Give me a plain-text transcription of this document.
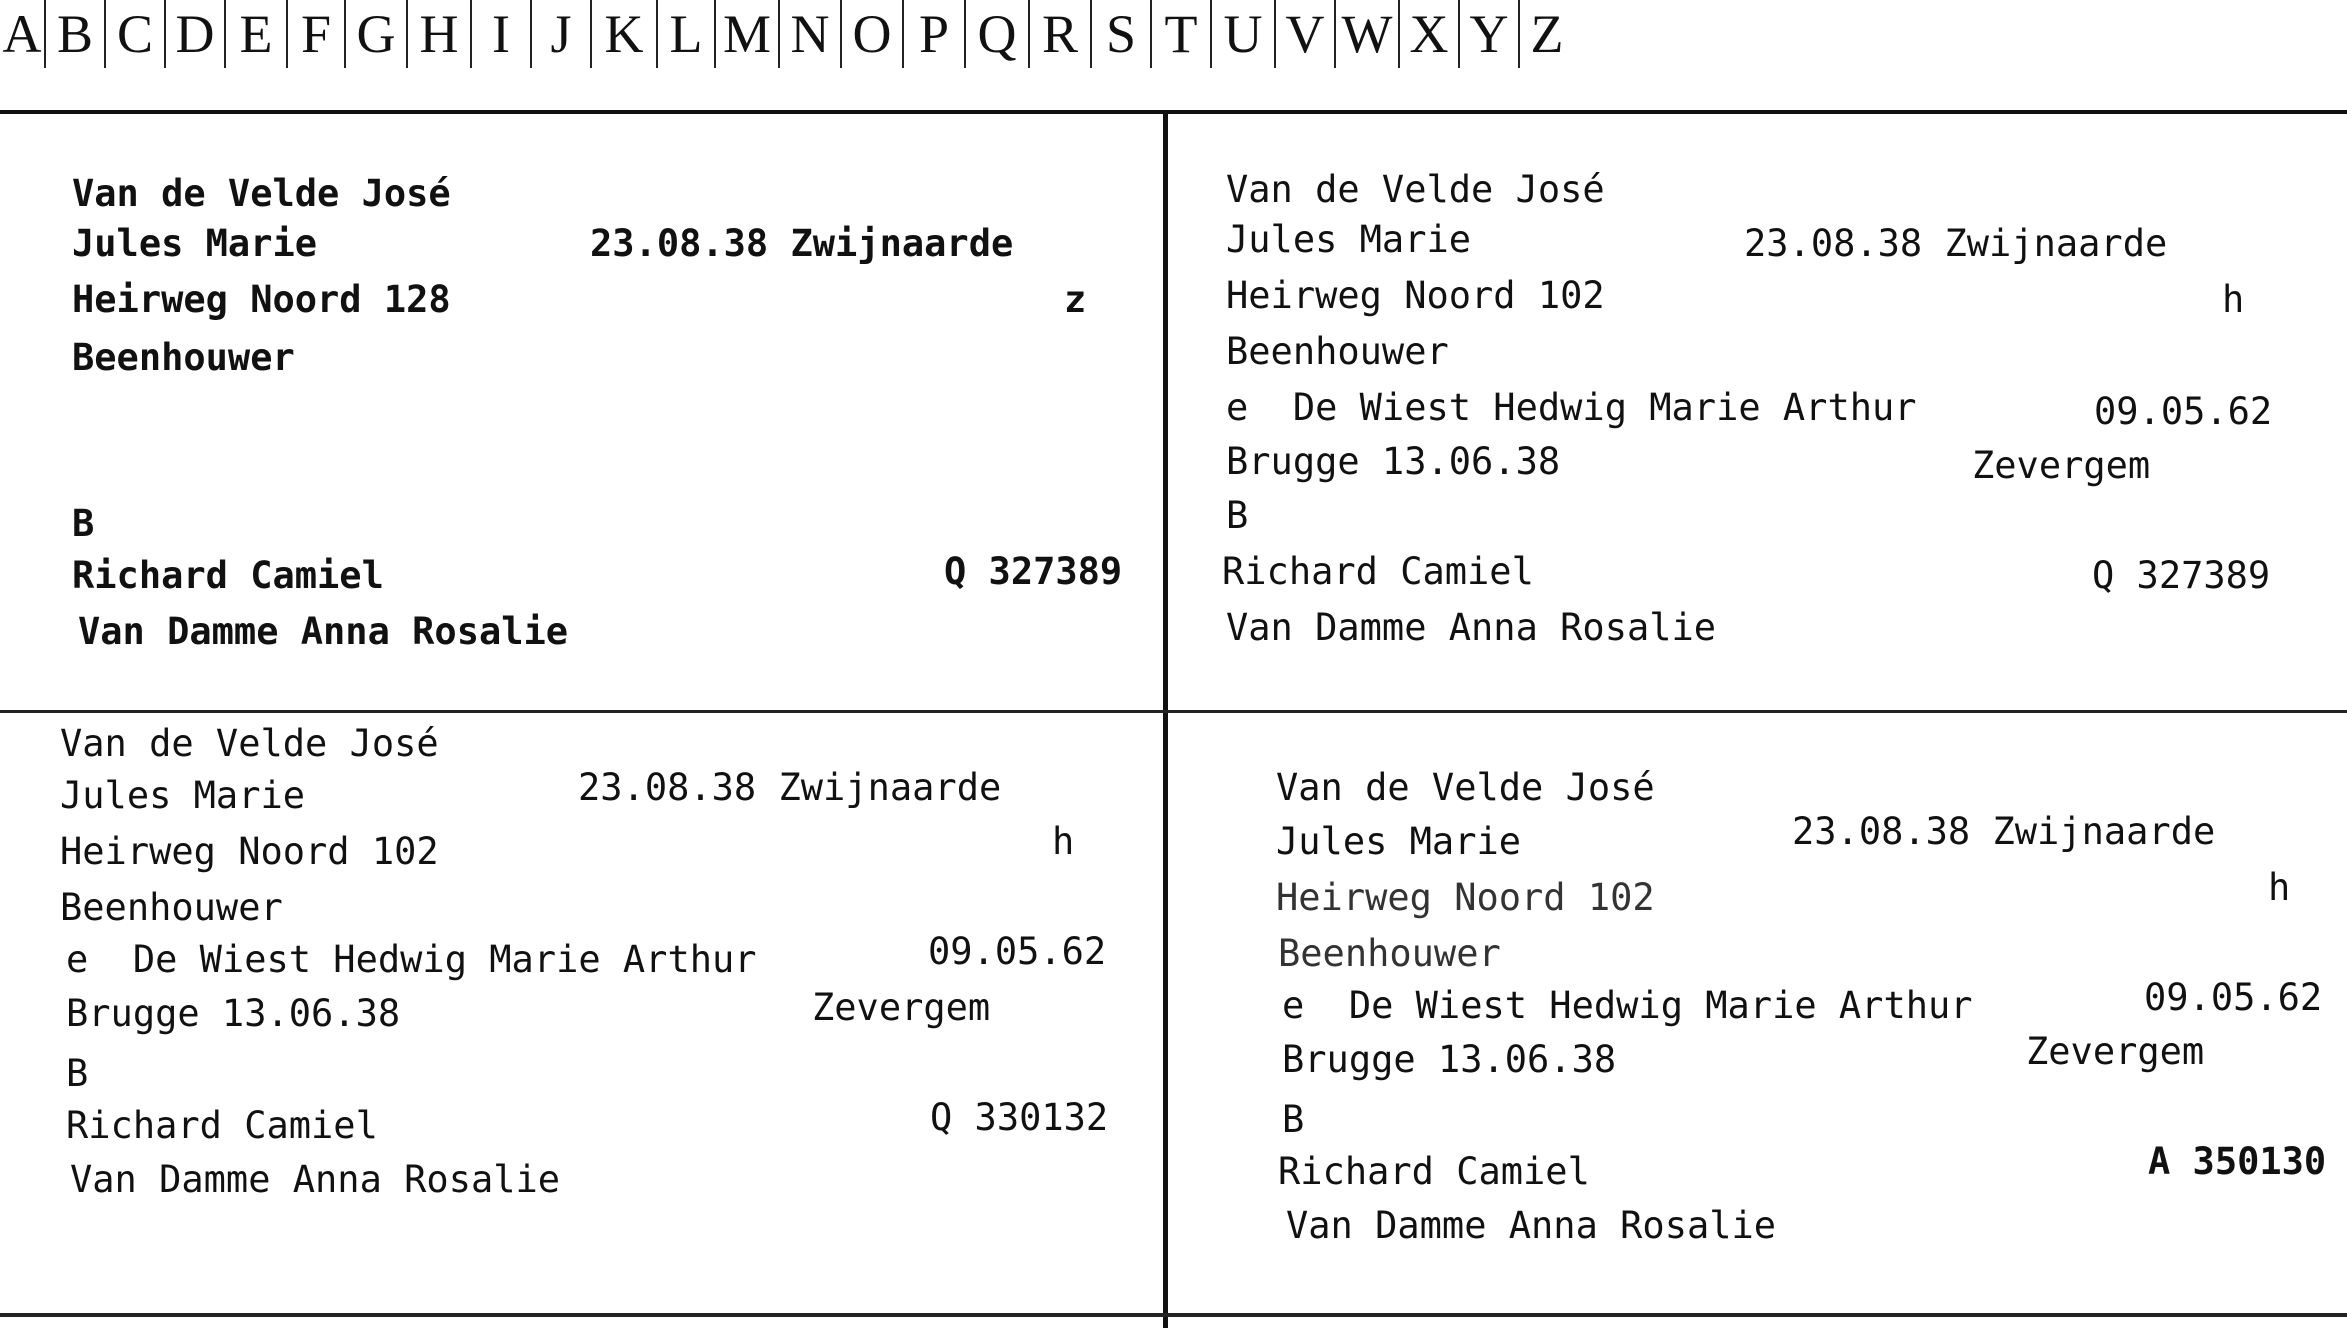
A B C D E F G H I J K L M N O P Q R S T U V W X Y Z
Van de Velde José
Jules Marie	23.08.38 Zwijnaarde
Heirweg Noord 128	z
Beenhouwer
B
Richard Camiel	Q 327389
Van Damme Anna Rosalie
Van de Velde José
Jules Marie	23.08.38 Zwijnaarde
Heirweg Noord 102	h
Beenhouwer
e  De Wiest Hedwig Marie Arthur	09.05.62
Brugge 13.06.38	Zevergem
B
Richard Camiel	Q 327389
Van Damme Anna Rosalie
Van de Velde José
Jules Marie	23.08.38 Zwijnaarde
Heirweg Noord 102	h
Beenhouwer
e  De Wiest Hedwig Marie Arthur	09.05.62
Brugge 13.06.38	Zevergem
B
Richard Camiel	Q 330132
Van Damme Anna Rosalie
Van de Velde José
Jules Marie	23.08.38 Zwijnaarde
Heirweg Noord 102	h
Beenhouwer
e  De Wiest Hedwig Marie Arthur	09.05.62
Brugge 13.06.38	Zevergem
B
Richard Camiel	A 350130
Van Damme Anna Rosalie
